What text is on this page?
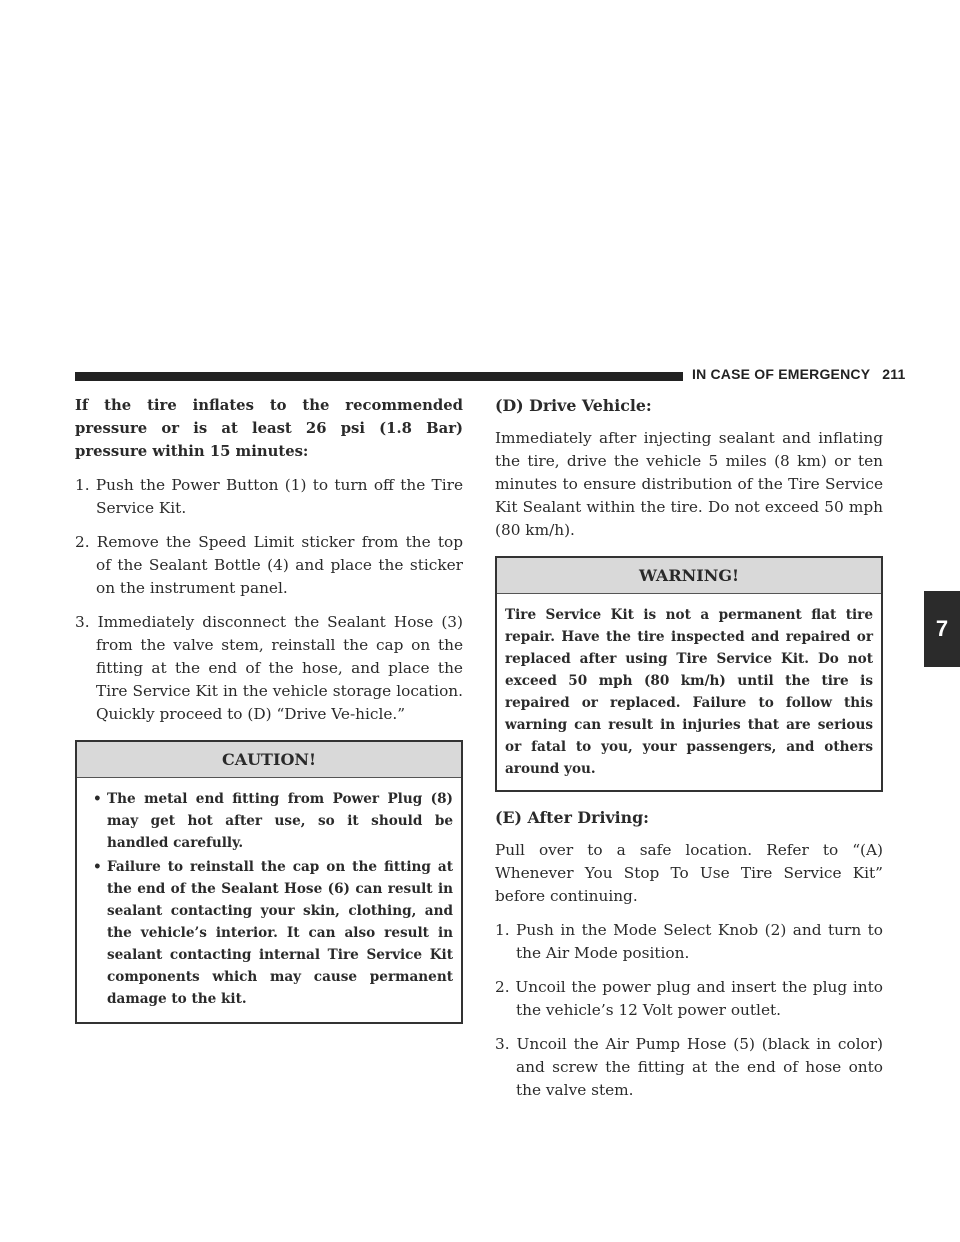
IN CASE OF EMERGENCY 211
7

If the tire inflates to the recommended pressure or is at least 26 psi (1.8 Bar) pressure within 15 minutes:

1. Push the Power Button (1) to turn off the Tire Service Kit.
2. Remove the Speed Limit sticker from the top of the Sealant Bottle (4) and place the sticker on the instrument panel.
3. Immediately disconnect the Sealant Hose (3) from the valve stem, reinstall the cap on the fitting at the end of the hose, and place the Tire Service Kit in the vehicle storage location. Quickly proceed to (D) “Drive Ve-hicle.”
CAUTION!
• The metal end fitting from Power Plug (8) may get hot after use, so it should be handled carefully.
• Failure to reinstall the cap on the fitting at the end of the Sealant Hose (6) can result in sealant contacting your skin, clothing, and the vehicle’s interior. It can also result in sealant contacting internal Tire Service Kit components which may cause permanent damage to the kit.
(D) Drive Vehicle:

Immediately after injecting sealant and inflating the tire, drive the vehicle 5 miles (8 km) or ten minutes to ensure distribution of the Tire Service Kit Sealant within the tire. Do not exceed 50 mph (80 km/h).

WARNING!
Tire Service Kit is not a permanent flat tire repair. Have the tire inspected and repaired or replaced after using Tire Service Kit. Do not exceed 50 mph (80 km/h) until the tire is repaired or replaced. Failure to follow this warning can result in injuries that are serious or fatal to you, your passengers, and others around you.
(E) After Driving:

Pull over to a safe location. Refer to “(A) Whenever You Stop To Use Tire Service Kit” before continuing.

1. Push in the Mode Select Knob (2) and turn to the Air Mode position.
2. Uncoil the power plug and insert the plug into the vehicle’s 12 Volt power outlet.
3. Uncoil the Air Pump Hose (5) (black in color) and screw the fitting at the end of hose onto the valve stem.
